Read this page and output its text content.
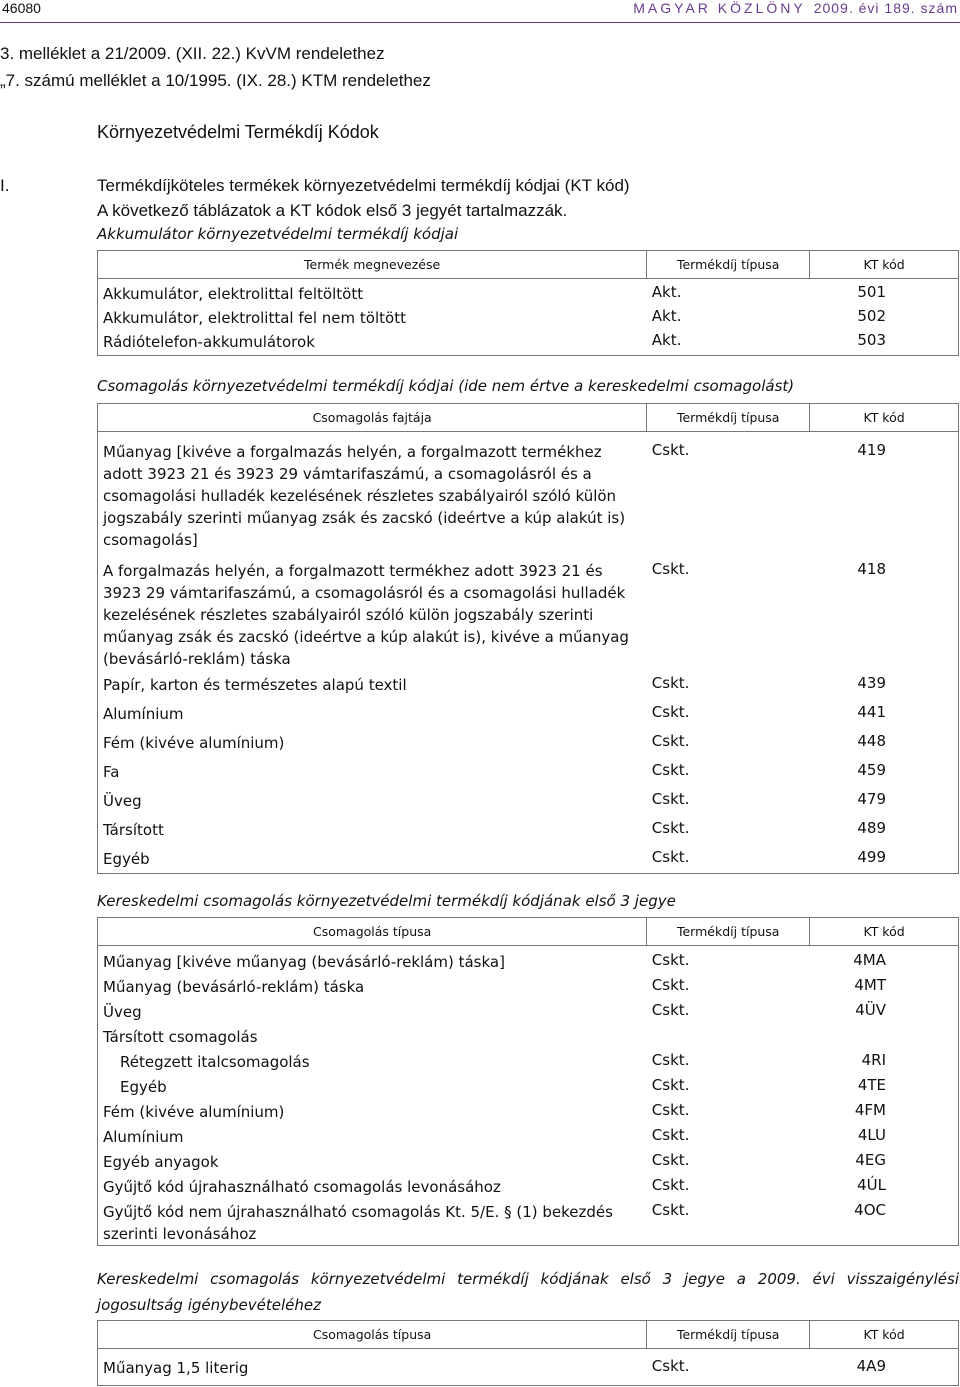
46080	MAGYAR KÖZLÖNY 2009. évi 189. szám
3. melléklet a 21/2009. (XII. 22.) KvVM rendelethez
„7. számú melléklet a 10/1995. (IX. 28.) KTM rendelethez
Környezetvédelmi Termékdíj Kódok
I.	Termékdíjköteles termékek környezetvédelmi termékdíj kódjai (KT kód)
A következő táblázatok a KT kódok első 3 jegyét tartalmazzák.
Akkumulátor környezetvédelmi termékdíj kódjai
Termék megnevezése	Termékdíj típusa	KT kód
Akkumulátor, elektrolittal feltöltött	Akt.	501
Akkumulátor, elektrolittal fel nem töltött	Akt.	502
Rádiótelefon-akkumulátorok	Akt.	503
Csomagolás környezetvédelmi termékdíj kódjai (ide nem értve a kereskedelmi csomagolást)
Csomagolás fajtája	Termékdíj típusa	KT kód
Műanyag [kivéve a forgalmazás helyén, a forgalmazott termékhez adott 3923 21 és 3923 29 vámtarifaszámú, a csomagolásról és a csomagolási hulladék kezelésének részletes szabályairól szóló külön jogszabály szerinti műanyag zsák és zacskó (ideértve a kúp alakút is) csomagolás]	Cskt.	419
A forgalmazás helyén, a forgalmazott termékhez adott 3923 21 és 3923 29 vámtarifaszámú, a csomagolásról és a csomagolási hulladék kezelésének részletes szabályairól szóló külön jogszabály szerinti műanyag zsák és zacskó (ideértve a kúp alakút is), kivéve a műanyag (bevásárló-reklám) táska	Cskt.	418
Papír, karton és természetes alapú textil	Cskt.	439
Alumínium	Cskt.	441
Fém (kivéve alumínium)	Cskt.	448
Fa	Cskt.	459
Üveg	Cskt.	479
Társított	Cskt.	489
Egyéb	Cskt.	499
Kereskedelmi csomagolás környezetvédelmi termékdíj kódjának első 3 jegye
Csomagolás típusa	Termékdíj típusa	KT kód
Műanyag [kivéve műanyag (bevásárló-reklám) táska]	Cskt.	4MA
Műanyag (bevásárló-reklám) táska	Cskt.	4MT
Üveg	Cskt.	4ÜV
Társított csomagolás		
Rétegzett italcsomagolás	Cskt.	4RI
Egyéb	Cskt.	4TE
Fém (kivéve alumínium)	Cskt.	4FM
Alumínium	Cskt.	4LU
Egyéb anyagok	Cskt.	4EG
Gyűjtő kód újrahasználható csomagolás levonásához	Cskt.	4ÚL
Gyűjtő kód nem újrahasználható csomagolás Kt. 5/E. § (1) bekezdés szerinti levonásához	Cskt.	4OC
Kereskedelmi csomagolás környezetvédelmi termékdíj kódjának első 3 jegye a 2009. évi visszaigénylési jogosultság igénybevételéhez
Csomagolás típusa	Termékdíj típusa	KT kód
Műanyag 1,5 literig	Cskt.	4A9
